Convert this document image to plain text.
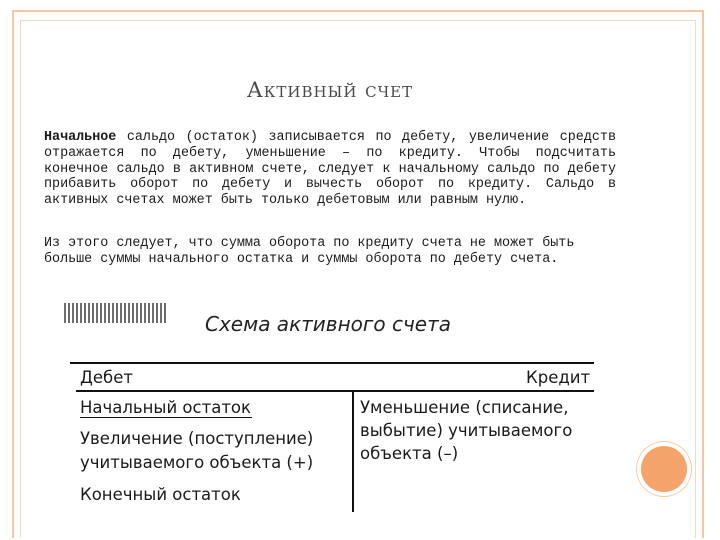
Активный счет

Начальное сальдо (остаток) записывается по дебету, увеличение средств отражается по дебету, уменьшение – по кредиту. Чтобы подсчитать конечное сальдо в активном счете, следует к начальному сальдо по дебету прибавить оборот по дебету и вычесть оборот по кредиту. Сальдо в активных счетах может быть только дебетовым или равным нулю.

Из этого следует, что сумма оборота по кредиту счета не может быть больше суммы начального остатка и суммы оборота по дебету счета.

Схема активного счета
Дебет	Кредит
Начальный остаток
Увеличение (поступление)
учитываемого объекта (+)
Конечный остаток
Уменьшение (списание,
выбытие) учитываемого
объекта (–)
